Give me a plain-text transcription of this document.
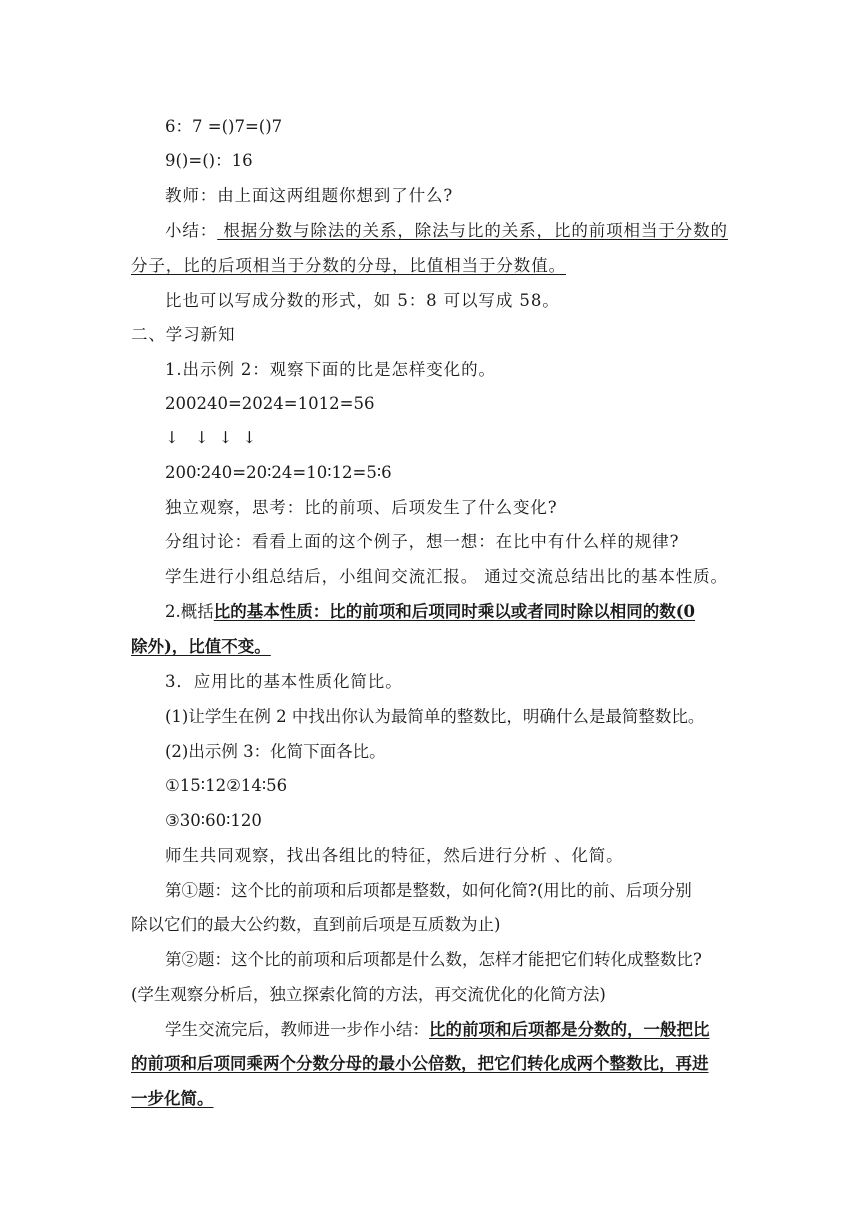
6：7 =()7=()7
9()=()：16
教师：由上面这两组题你想到了什么?
小结： 根据分数与除法的关系，除法与比的关系，比的前项相当于分数的
分子，比的后项相当于分数的分母，比值相当于分数值。
比也可以写成分数的形式，如 5：8 可以写成 58。
二、学习新知
1.出示例 2：观察下面的比是怎样变化的。
200240=2024=1012=56
↓ ↓ ↓ ↓
200∶240=20∶24=10∶12=5∶6
独立观察，思考：比的前项、后项发生了什么变化?
分组讨论：看看上面的这个例子，想一想：在比中有什么样的规律?
学生进行小组总结后，小组间交流汇报。 通过交流总结出比的基本性质。
2.概括比的基本性质：比的前项和后项同时乘以或者同时除以相同的数(0
除外)，比值不变。
3．应用比的基本性质化简比。
(1)让学生在例 2 中找出你认为最简单的整数比，明确什么是最简整数比。
(2)出示例 3：化简下面各比。
①15∶12②14∶56
③30∶60∶120
师生共同观察，找出各组比的特征，然后进行分析 、化简。
第①题：这个比的前项和后项都是整数，如何化简?(用比的前、后项分别
除以它们的最大公约数，直到前后项是互质数为止)
第②题：这个比的前项和后项都是什么数，怎样才能把它们转化成整数比?
(学生观察分析后，独立探索化简的方法，再交流优化的化简方法)
学生交流完后，教师进一步作小结：比的前项和后项都是分数的，一般把比
的前项和后项同乘两个分数分母的最小公倍数，把它们转化成两个整数比，再进
一步化简。
